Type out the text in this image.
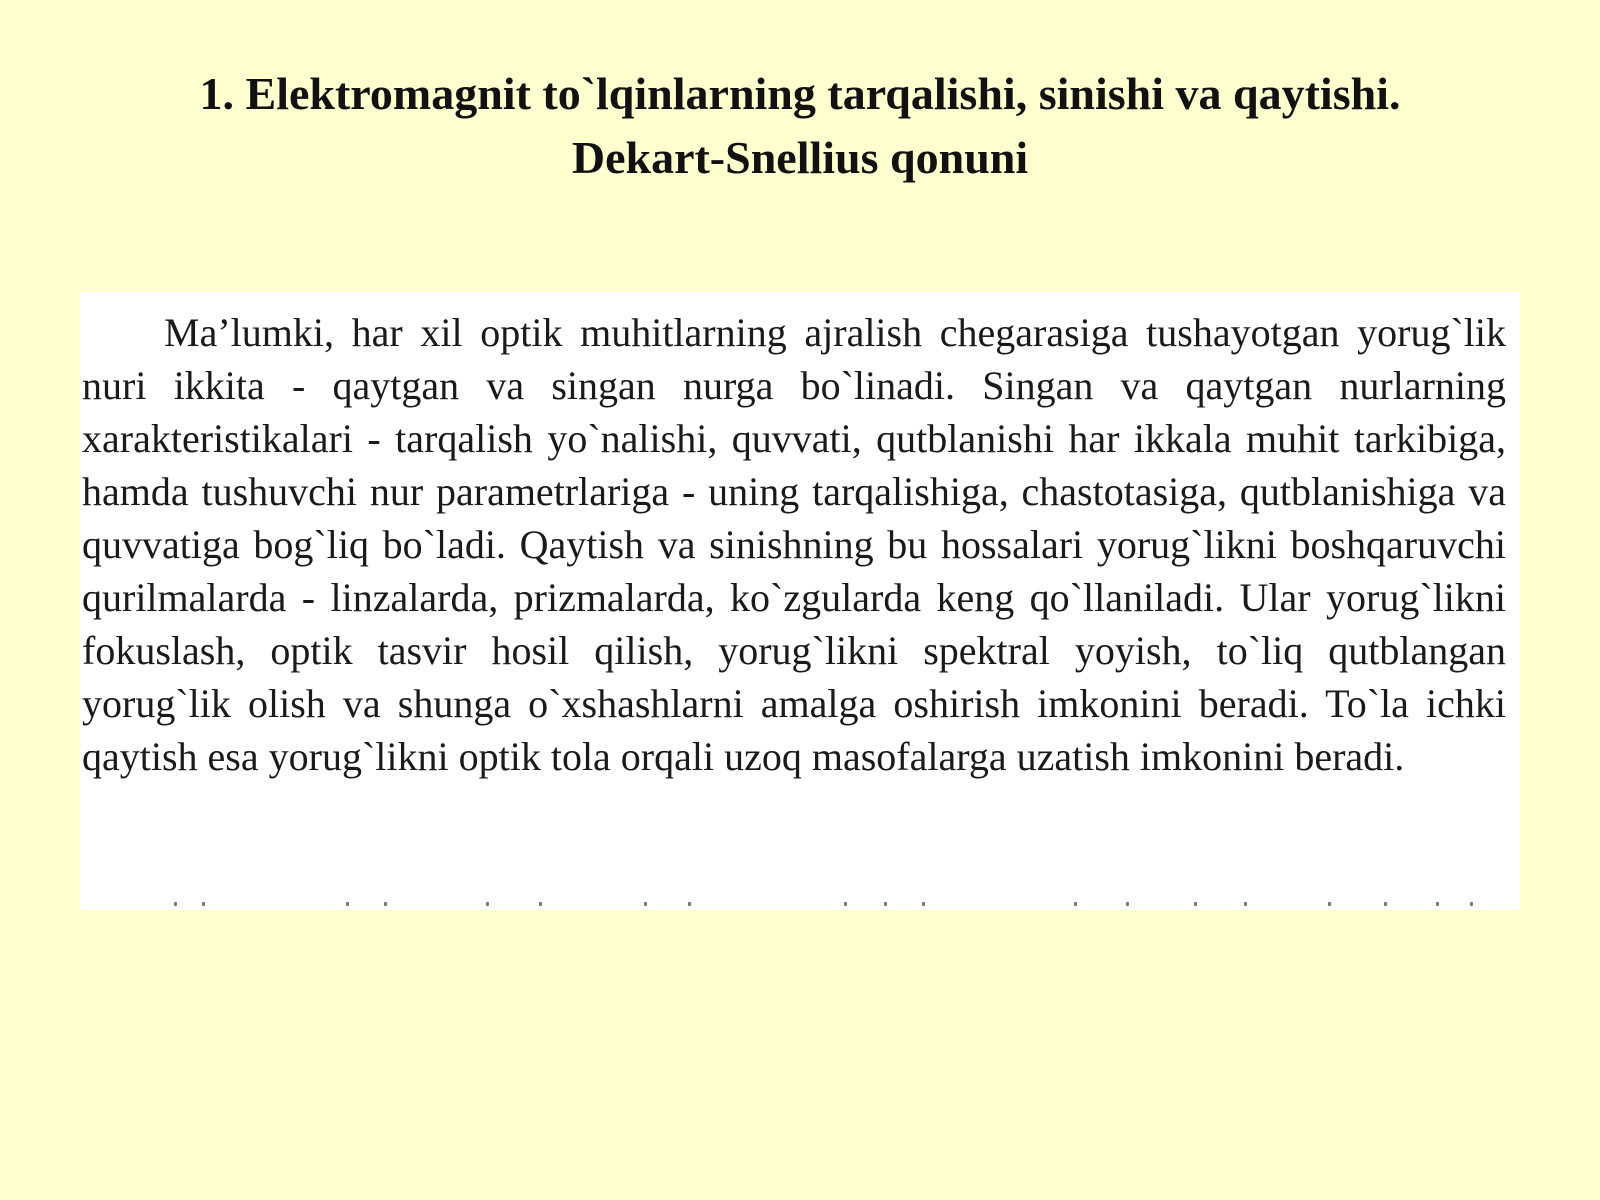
1. Elektromagnit to`lqinlarning tarqalishi, sinishi va qaytishi.
Dekart-Snellius qonuni

Ma’lumki, har xil optik muhitlarning ajralish chegarasiga tushayotgan yorug`lik nuri ikkita - qaytgan va singan nurga bo`linadi. Singan va qaytgan nurlarning xarakteristikalari - tarqalish yo`nalishi, quvvati, qutblanishi har ikkala muhit tarkibiga, hamda tushuvchi nur parametrlariga - uning tarqalishiga, chastotasiga, qutblanishiga va quvvatiga bog`liq bo`ladi. Qaytish va sinishning bu hossalari yorug`likni boshqaruvchi qurilmalarda - linzalarda, prizmalarda, ko`zgularda keng qo`llaniladi. Ular yorug`likni fokuslash, optik tasvir hosil qilish, yorug`likni spektral yoyish, to`liq qutblangan yorug`lik olish va shunga o`xshashlarni amalga oshirish imkonini beradi. To`la ichki qaytish esa yorug`likni optik tola orqali uzoq masofalarga uzatish imkonini beradi.
